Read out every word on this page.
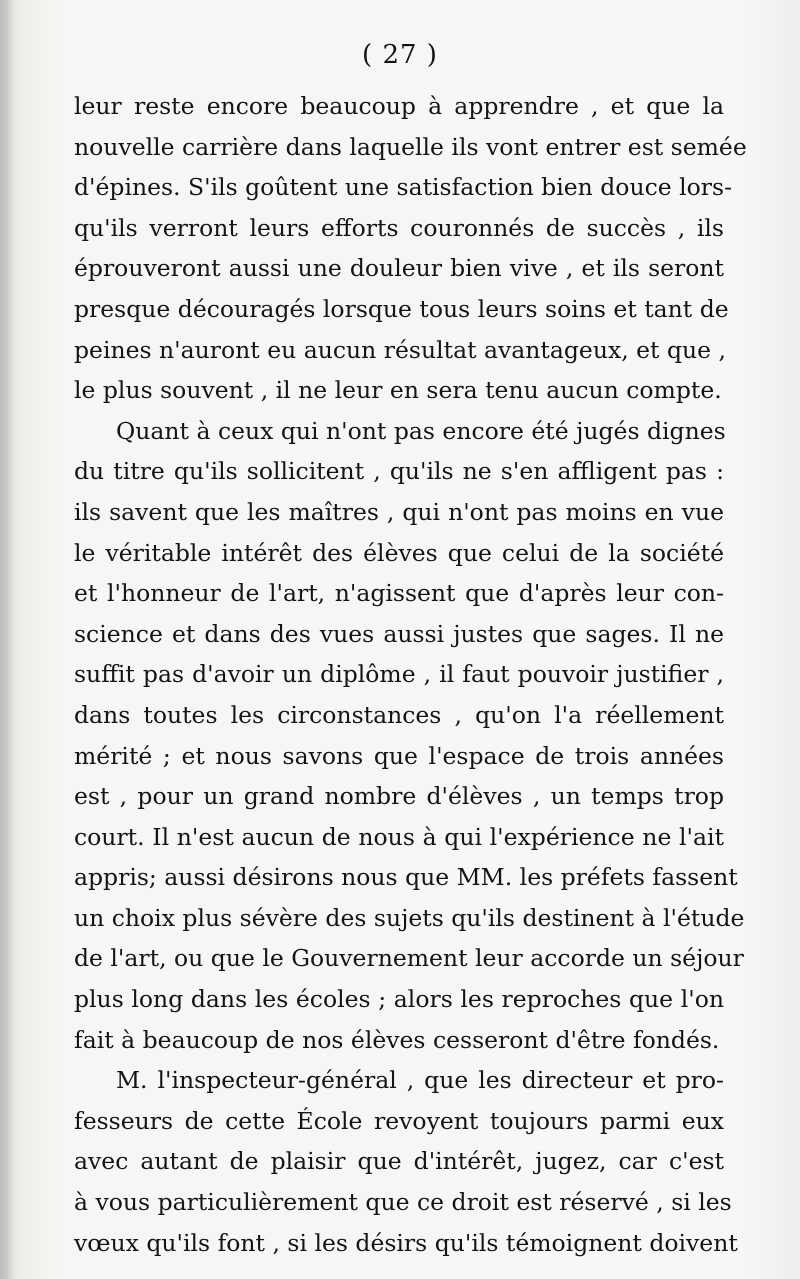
( 27 )
leur reste encore beaucoup à apprendre , et que la
nouvelle carrière dans laquelle ils vont entrer est semée
d'épines. S'ils goûtent une satisfaction bien douce lors-
qu'ils verront leurs efforts couronnés de succès , ils
éprouveront aussi une douleur bien vive , et ils seront
presque découragés lorsque tous leurs soins et tant de
peines n'auront eu aucun résultat avantageux, et que ,
le plus souvent , il ne leur en sera tenu aucun compte.
Quant à ceux qui n'ont pas encore été jugés dignes
du titre qu'ils sollicitent , qu'ils ne s'en affligent pas :
ils savent que les maîtres , qui n'ont pas moins en vue
le véritable intérêt des élèves que celui de la société
et l'honneur de l'art, n'agissent que d'après leur con-
science et dans des vues aussi justes que sages. Il ne
suffit pas d'avoir un diplôme , il faut pouvoir justifier ,
dans toutes les circonstances , qu'on l'a réellement
mérité ; et nous savons que l'espace de trois années
est , pour un grand nombre d'élèves , un temps trop
court. Il n'est aucun de nous à qui l'expérience ne l'ait
appris; aussi désirons nous que MM. les préfets fassent
un choix plus sévère des sujets qu'ils destinent à l'étude
de l'art, ou que le Gouvernement leur accorde un séjour
plus long dans les écoles ; alors les reproches que l'on
fait à beaucoup de nos élèves cesseront d'être fondés.
M. l'inspecteur-général , que les directeur et pro-
fesseurs de cette École revoyent toujours parmi eux
avec autant de plaisir que d'intérêt, jugez, car c'est
à vous particulièrement que ce droit est réservé , si les
vœux qu'ils font , si les désirs qu'ils témoignent doivent
